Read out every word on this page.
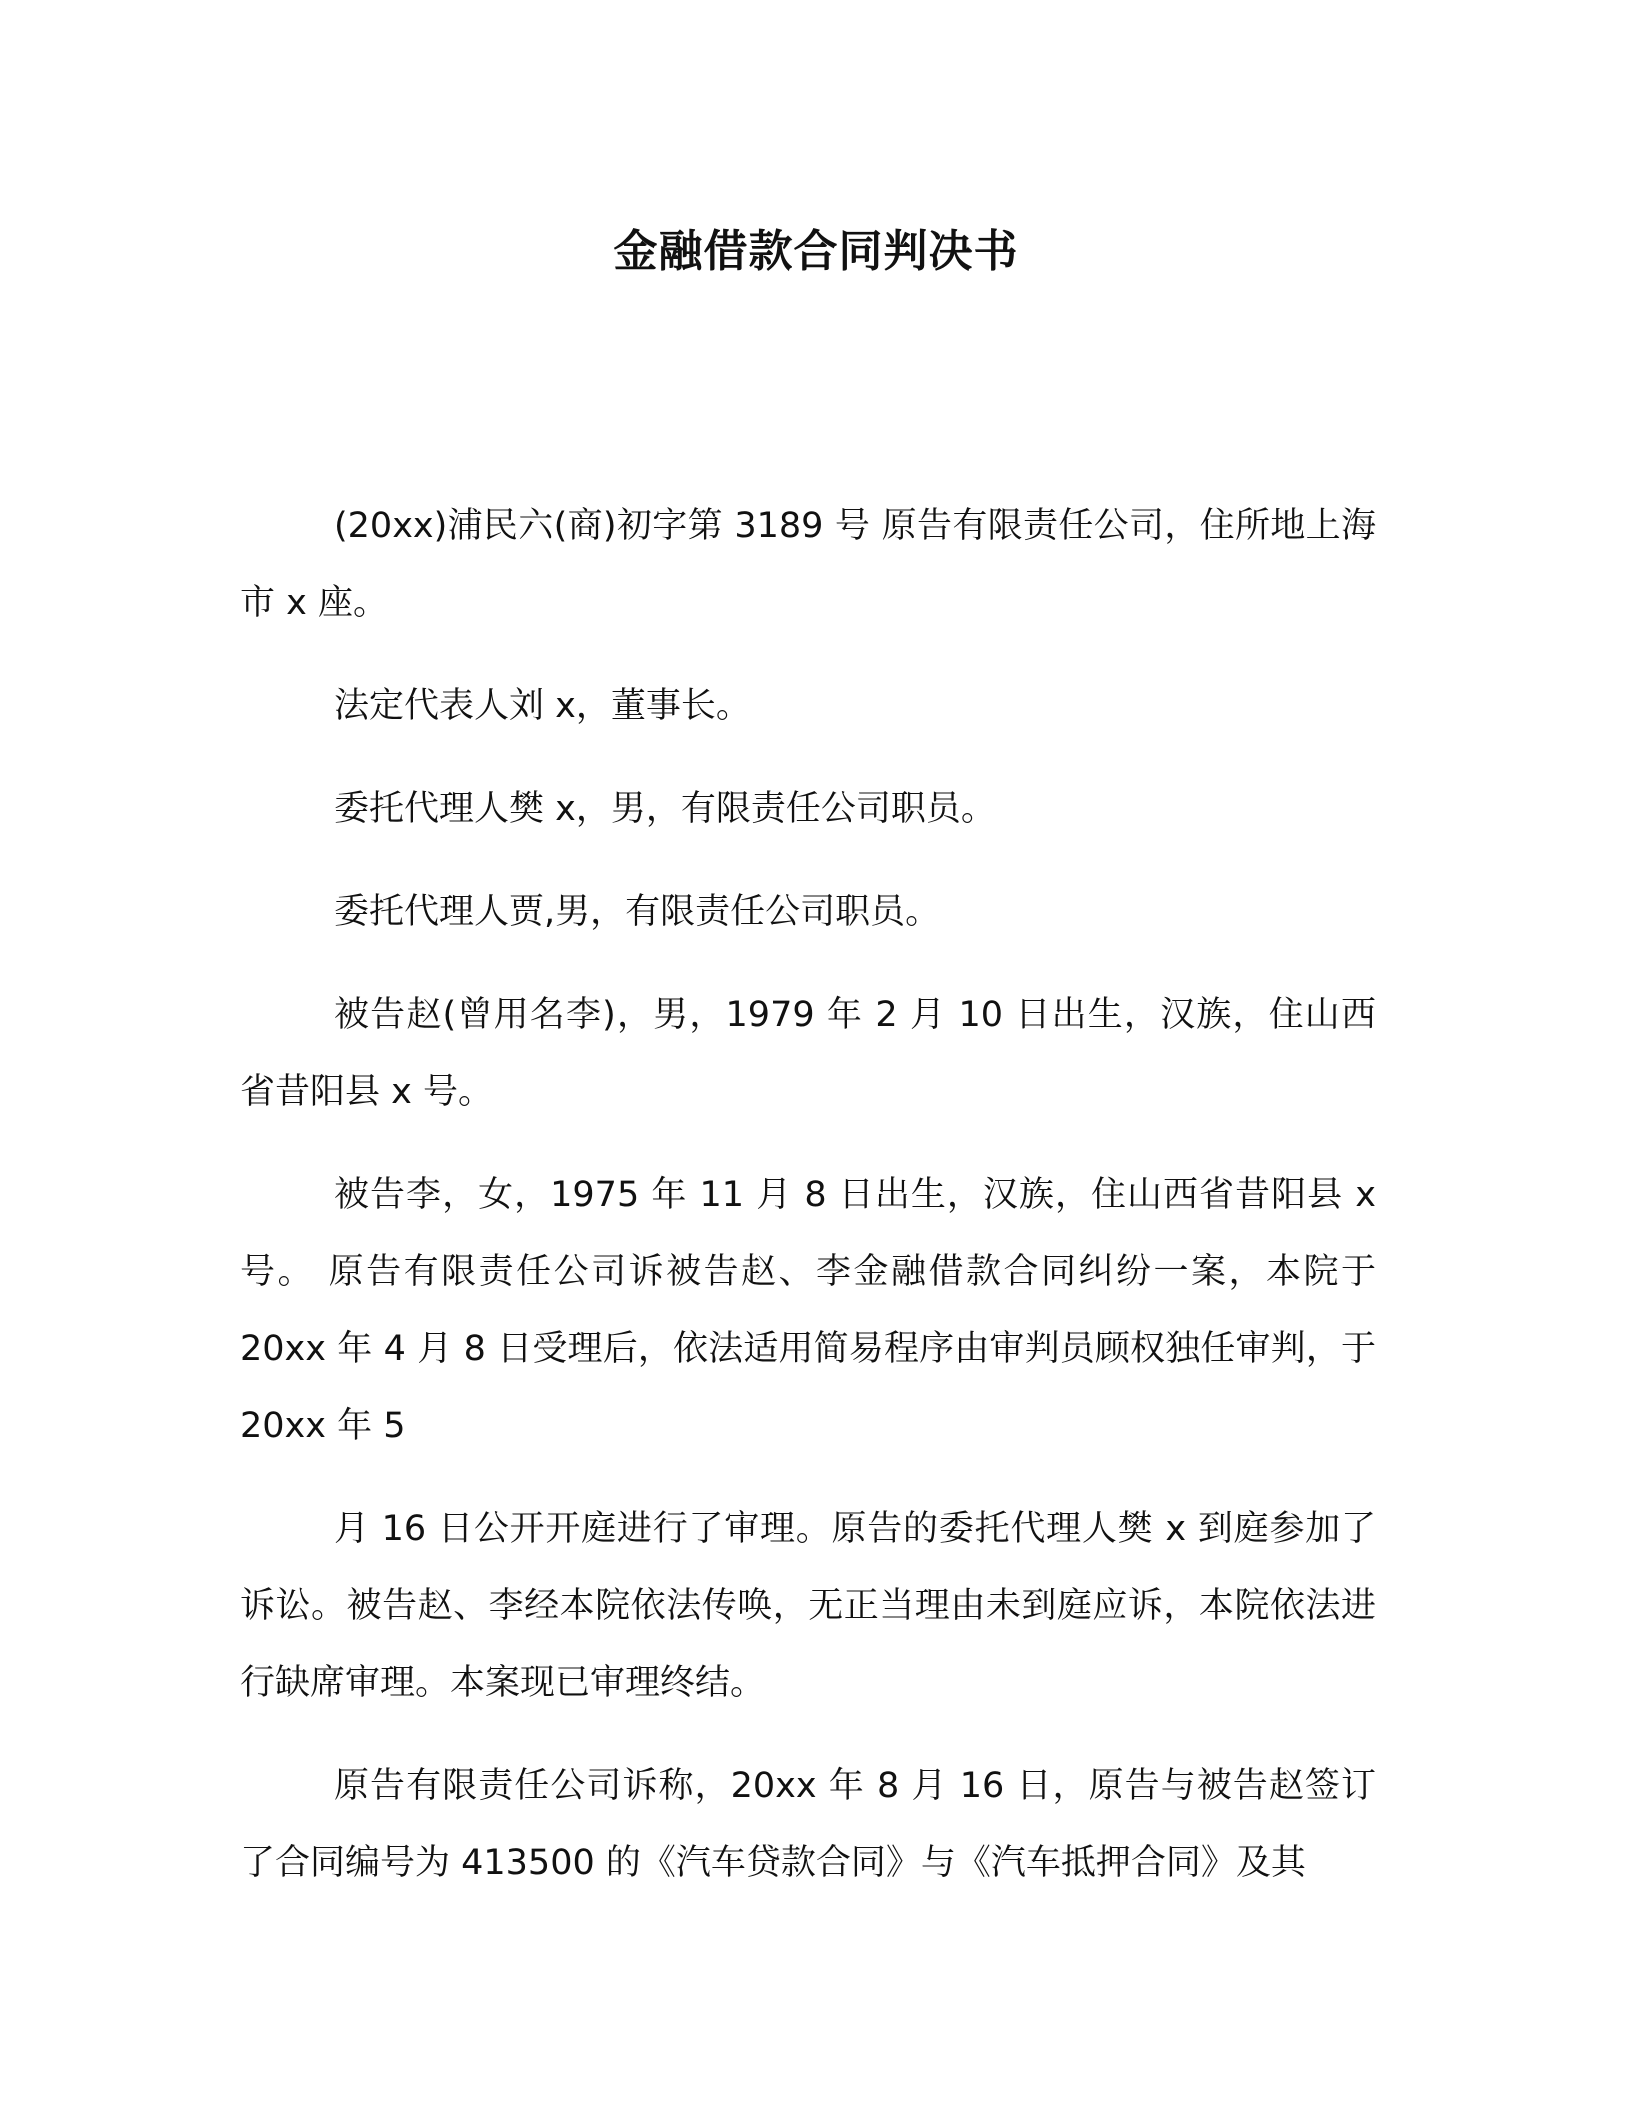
金融借款合同判决书

(20xx)浦民六(商)初字第 3189 号 原告有限责任公司，住所地上海市 x 座。

法定代表人刘 x，董事长。

委托代理人樊 x，男，有限责任公司职员。

委托代理人贾,男，有限责任公司职员。

被告赵(曾用名李)，男，1979 年 2 月 10 日出生，汉族，住山西省昔阳县 x 号。

被告李，女，1975 年 11 月 8 日出生，汉族，住山西省昔阳县 x 号。 原告有限责任公司诉被告赵、李金融借款合同纠纷一案，本院于 20xx 年 4 月 8 日受理后，依法适用简易程序由审判员顾权独任审判，于 20xx 年 5

月 16 日公开开庭进行了审理。原告的委托代理人樊 x 到庭参加了诉讼。被告赵、李经本院依法传唤，无正当理由未到庭应诉，本院依法进行缺席审理。本案现已审理终结。

原告有限责任公司诉称，20xx 年 8 月 16 日，原告与被告赵签订了合同编号为 413500 的《汽车贷款合同》与《汽车抵押合同》及其
